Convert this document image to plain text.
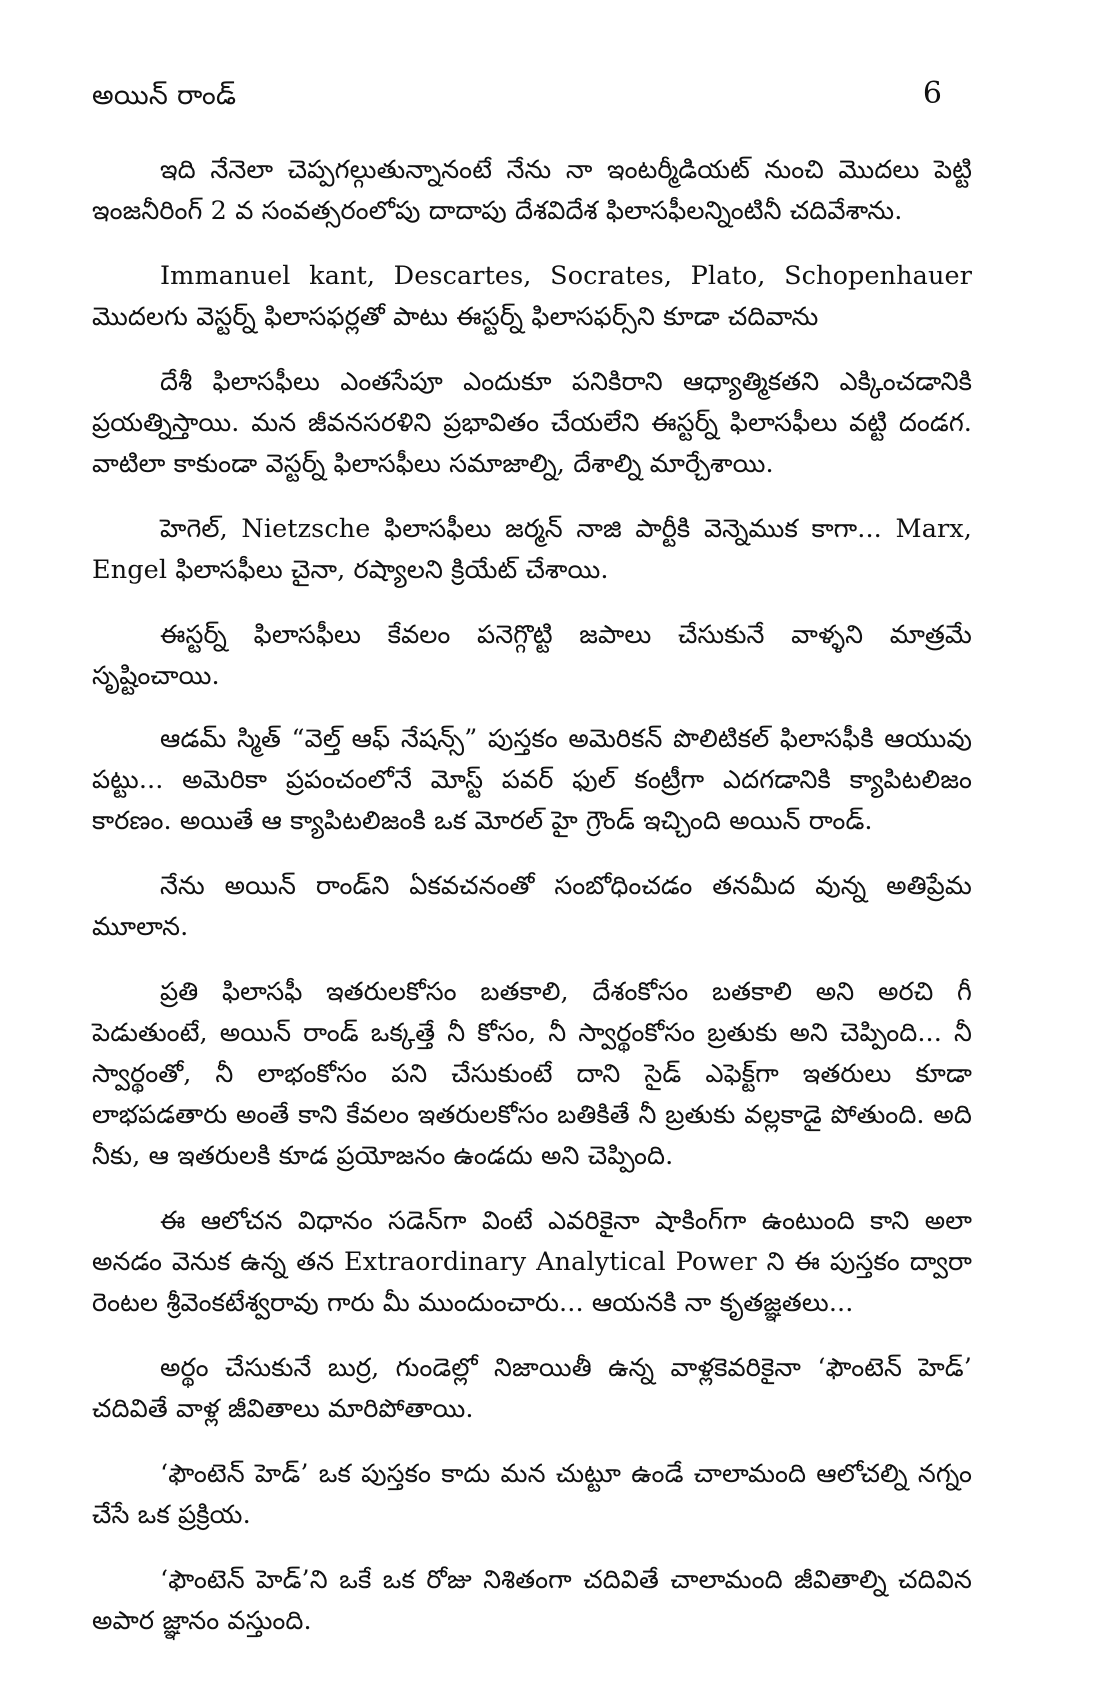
అయిన్ రాండ్	6

ఇది నేనెలా చెప్పగల్గుతున్నానంటే నేను నా ఇంటర్మీడియట్ నుంచి మొదలు పెట్టి ఇంజనీరింగ్ 2 వ సంవత్సరంలోపు దాదాపు దేశవిదేశ ఫిలాసఫీలన్నింటినీ చదివేశాను.

Immanuel kant, Descartes, Socrates, Plato, Schopenhauer మొదలగు వెస్టర్న్ ఫిలాసఫర్లతో పాటు ఈస్టర్న్ ఫిలాసఫర్స్‌ని కూడా చదివాను

దేశీ ఫిలాసఫీలు ఎంతసేపూ ఎందుకూ పనికిరాని ఆధ్యాత్మికతని ఎక్కించడానికి ప్రయత్నిస్తాయి. మన జీవనసరళిని ప్రభావితం చేయలేని ఈస్టర్న్ ఫిలాసఫీలు వట్టి దండగ. వాటిలా కాకుండా వెస్టర్న్ ఫిలాసఫీలు సమాజాల్ని, దేశాల్ని మార్చేశాయి.

హెగెల్, Nietzsche ఫిలాసఫీలు జర్మన్ నాజి పార్టీకి వెన్నెముక కాగా... Marx, Engel ఫిలాసఫీలు చైనా, రష్యాలని క్రియేట్ చేశాయి.

ఈస్టర్న్ ఫిలాసఫీలు కేవలం పనెగ్గొట్టి జపాలు చేసుకునే వాళ్ళని మాత్రమే సృష్టించాయి.

ఆడమ్ స్మిత్ “వెల్త్ ఆఫ్ నేషన్స్” పుస్తకం అమెరికన్ పొలిటికల్ ఫిలాసఫీకి ఆయువు పట్టు... అమెరికా ప్రపంచంలోనే మోస్ట్ పవర్ ఫుల్ కంట్రీగా ఎదగడానికి క్యాపిటలిజం కారణం. అయితే ఆ క్యాపిటలిజంకి ఒక మోరల్ హై గ్రౌండ్ ఇచ్చింది అయిన్ రాండ్.

నేను అయిన్ రాండ్‌ని ఏకవచనంతో సంబోధించడం తనమీద వున్న అతిప్రేమ మూలాన.

ప్రతి ఫిలాసఫీ ఇతరులకోసం బతకాలి, దేశంకోసం బతకాలి అని అరచి గీ పెడుతుంటే, అయిన్ రాండ్ ఒక్కత్తే నీ కోసం, నీ స్వార్థంకోసం బ్రతుకు అని చెప్పింది... నీ స్వార్థంతో, నీ లాభంకోసం పని చేసుకుంటే దాని సైడ్ ఎఫెక్ట్‌గా ఇతరులు కూడా లాభపడతారు అంతే కాని కేవలం ఇతరులకోసం బతికితే నీ బ్రతుకు వల్లకాడై పోతుంది. అది నీకు, ఆ ఇతరులకి కూడ ప్రయోజనం ఉండదు అని చెప్పింది.

ఈ ఆలోచన విధానం సడెన్‌గా వింటే ఎవరికైనా షాకింగ్‌గా ఉంటుంది కాని అలా అనడం వెనుక ఉన్న తన Extraordinary Analytical Power ని ఈ పుస్తకం ద్వారా రెంటల శ్రీవెంకటేశ్వరావు గారు మీ ముందుంచారు... ఆయనకి నా కృతజ్ఞతలు...

అర్థం చేసుకునే బుర్ర, గుండెల్లో నిజాయితీ ఉన్న వాళ్లకెవరికైనా ‘ఫౌంటెన్ హెడ్’ చదివితే వాళ్ల జీవితాలు మారిపోతాయి.

‘ఫౌంటెన్ హెడ్’ ఒక పుస్తకం కాదు మన చుట్టూ ఉండే చాలామంది ఆలోచల్ని నగ్నం చేసే ఒక ప్రక్రియ.

‘ఫౌంటెన్ హెడ్’ని ఒకే ఒక రోజు నిశితంగా చదివితే చాలామంది జీవితాల్ని చదివిన అపార జ్ఞానం వస్తుంది.
